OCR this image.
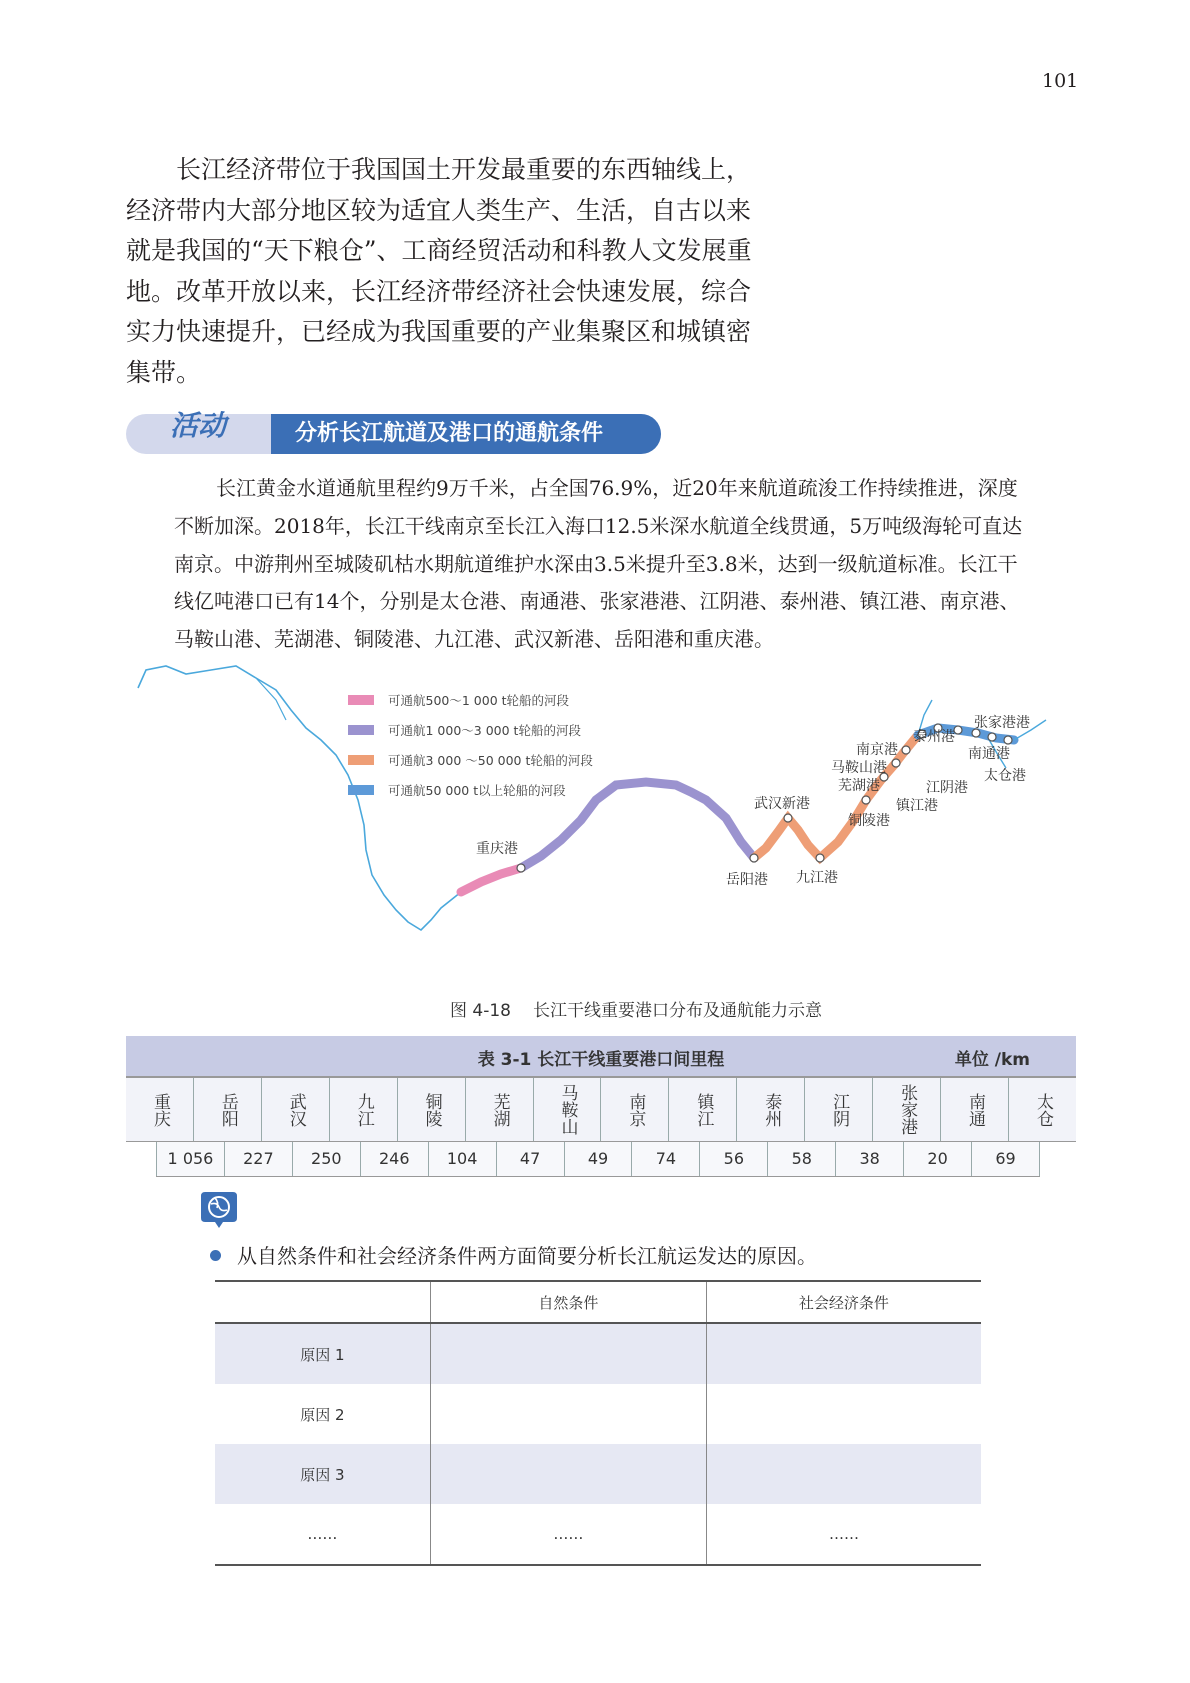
101

长江经济带位于我国国土开发最重要的东西轴线上，经济带内大部分地区较为适宜人类生产、生活，自古以来就是我国的“天下粮仓”、工商经贸活动和科教人文发展重地。改革开放以来，长江经济带经济社会快速发展，综合实力快速提升，已经成为我国重要的产业集聚区和城镇密集带。

活动	分析长江航道及港口的通航条件

长江黄金水道通航里程约9万千米，占全国76.9%，近20年来航道疏浚工作持续推进，深度不断加深。2018年，长江干线南京至长江入海口12.5米深水航道全线贯通，5万吨级海轮可直达南京。中游荆州至城陵矶枯水期航道维护水深由3.5米提升至3.8米，达到一级航道标准。长江干线亿吨港口已有14个，分别是太仓港、南通港、张家港港、江阴港、泰州港、镇江港、南京港、马鞍山港、芜湖港、铜陵港、九江港、武汉新港、岳阳港和重庆港。

可通航500～1 000 t轮船的河段
可通航1 000～3 000 t轮船的河段
可通航3 000 ～50 000 t轮船的河段
可通航50 000 t以上轮船的河段
重庆港
岳阳港
武汉新港
九江港
铜陵港
芜湖港
马鞍山港
南京港
泰州港
镇江港
江阴港
张家港港
南通港
太仓港
图 4-18 长江干线重要港口分布及通航能力示意
表 3-1 长江干线重要港口间里程	单位 /km
重庆	岳阳	武汉	九江	铜陵	芜湖	马鞍山	南京	镇江	泰州	江阴	张家港	南通	太仓
1 056	227	250	246	104	47	49	74	56	58	38	20	69
从自然条件和社会经济条件两方面简要分析长江航运发达的原因。
	自然条件	社会经济条件
原因 1		
原因 2		
原因 3		
……	……	……
